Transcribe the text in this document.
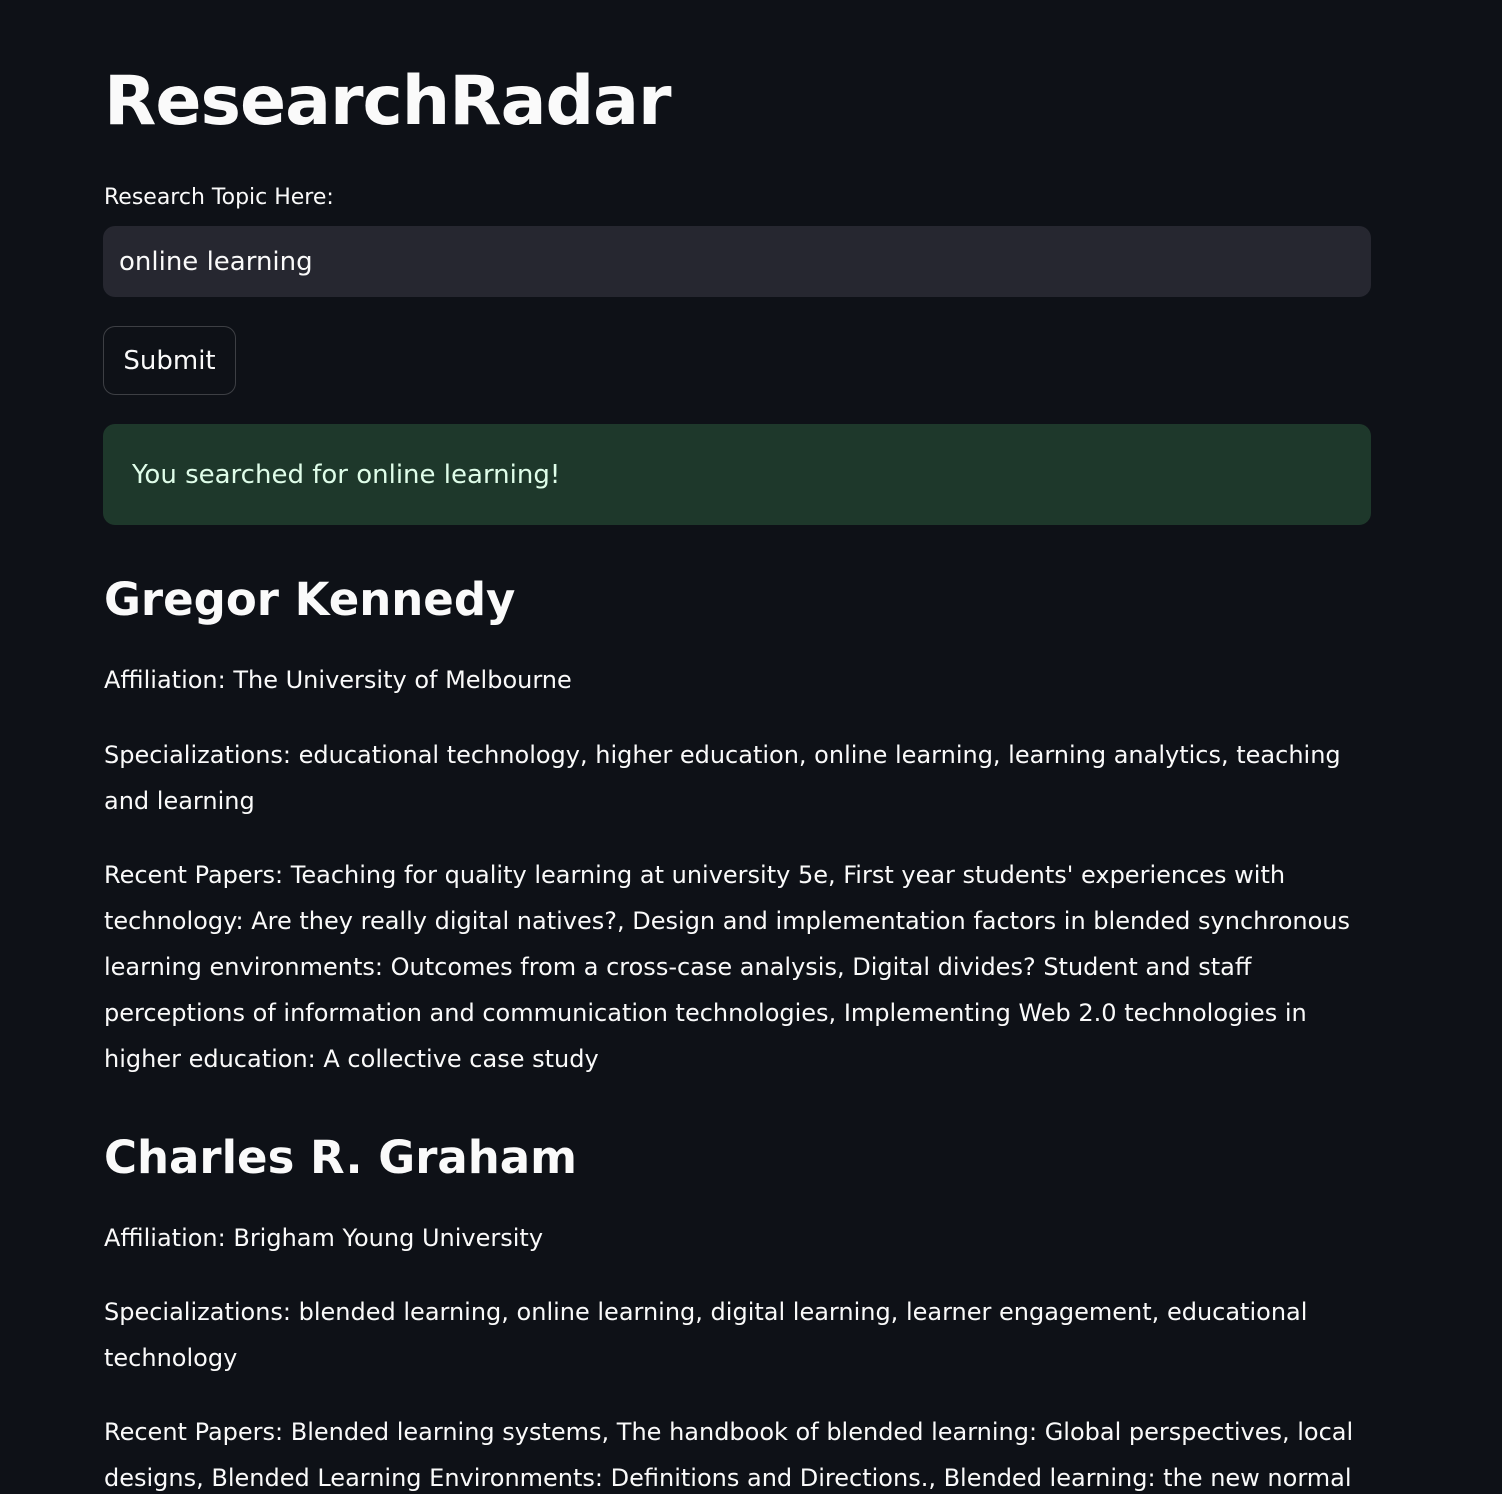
ResearchRadar
Research Topic Here:
online learning
Submit
You searched for online learning!
Gregor Kennedy

Affiliation: The University of Melbourne

Specializations: educational technology, higher education, online learning, learning analytics, teaching and learning

Recent Papers: Teaching for quality learning at university 5e, First year students' experiences with technology: Are they really digital natives?, Design and implementation factors in blended synchronous learning environments: Outcomes from a cross-case analysis, Digital divides? Student and staff perceptions of information and communication technologies, Implementing Web 2.0 technologies in higher education: A collective case study

Charles R. Graham

Affiliation: Brigham Young University

Specializations: blended learning, online learning, digital learning, learner engagement, educational technology

Recent Papers: Blended learning systems, The handbook of blended learning: Global perspectives, local designs, Blended Learning Environments: Definitions and Directions., Blended learning: the new normal
